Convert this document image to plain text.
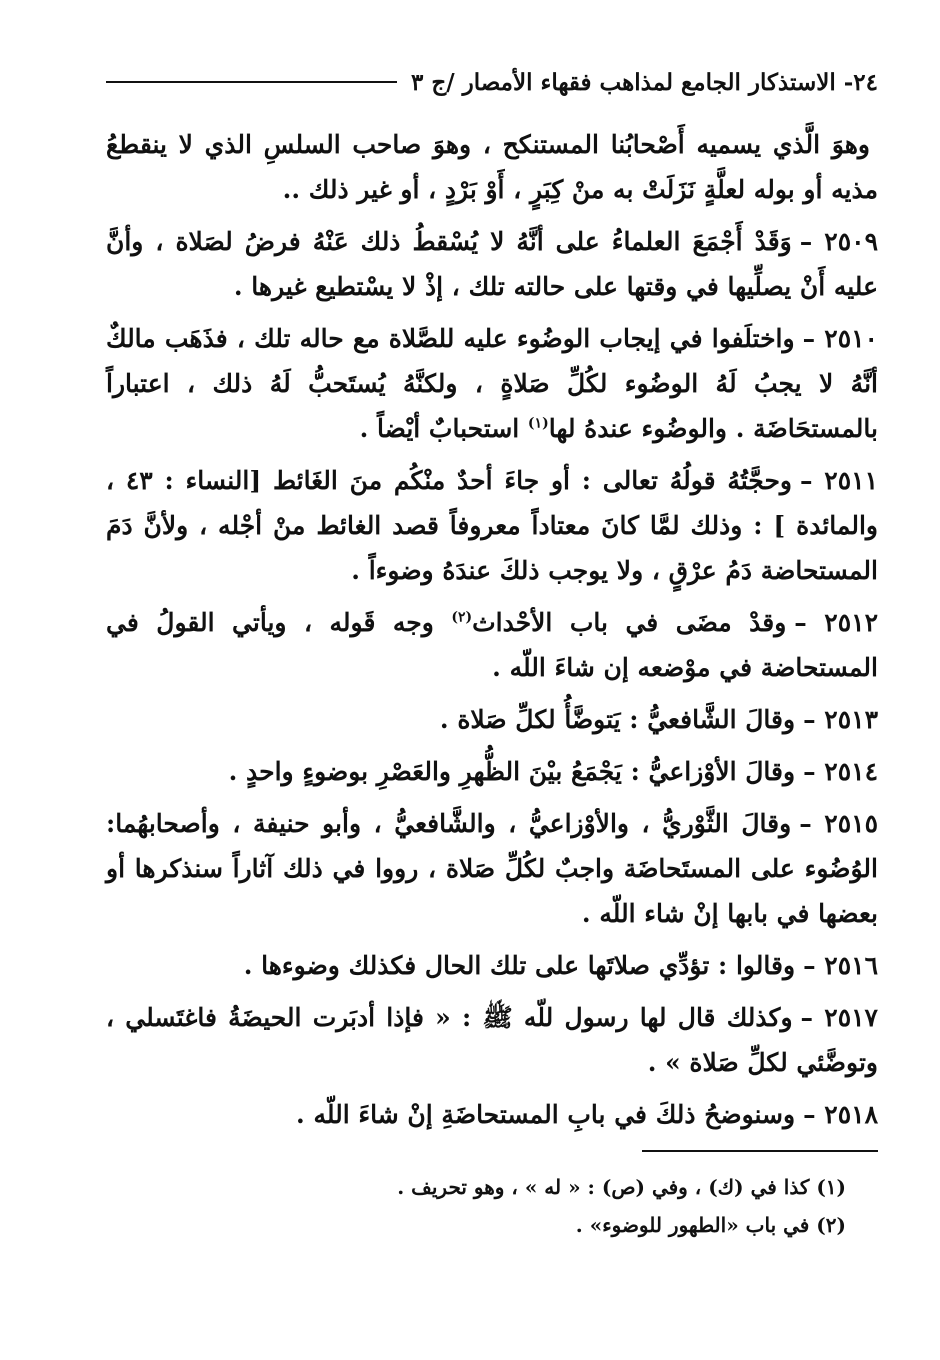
٢٤- الاستذكار الجامع لمذاهب فقهاء الأمصار /ج ٣

وهوَ الَّذي يسميه أَصْحابُنا المستنكح ، وهوَ صاحب السلسِ الذي لا ينقطعُ مذيه أو بوله لعلَّةٍ نَزَلَتْ به منْ كِبَرٍ ، أَوْ بَرْدٍ ، أو غير ذلك ..

٢٥٠٩ –وَقَدْ أَجْمَعَ العلماءُ على أنَّهُ لا يُسْقطُ ذلك عَنْهُ فرضُ لصَلاة ، وأنَّ عليه أَنْ يصلِّيها في وقتها على حالته تلك ، إذْ لا يسْتطيع غيرها .

٢٥١٠ –واختلَفوا في إيجاب الوضُوء عليه للصَّلاة مع حاله تلك ، فذَهَب مالكٌ أنَّهُ لا يجبُ لَهُ الوضُوء لكُلِّ صَلاةٍ ، ولكنَّهُ يُستَحبُّ لَهُ ذلك ، اعتباراً بالمستحَاضَة . والوضُوء عندهُ لها$^{(١)}$ استحبابٌ أيْضاً .

٢٥١١ –وحجَّتُهُ قولُهُ تعالى : أو جاءَ أحدٌ منْكُم منَ الغَائط [النساء : ٤٣ ، والمائدة ] : وذلك لمَّا كانَ معتاداً معروفاً قصد الغائط منْ أجْله ، ولأنَّ دَمَ المستحاضة دَمُ عرْقٍ ، ولا يوجب ذلكَ عندَهُ وضوءاً .

٢٥١٢ –وقدْ مضَى في باب الأحْداث$^{(٢)}$ وجه قَوله ، ويأتي القولُ في المستحاضة في موْضعه إن شاءَ اللّه .

٢٥١٣ –وقالَ الشَّافعيُّ : يَتوضَّأُ لكلِّ صَلاة .

٢٥١٤ –وقالَ الأوْزاعيُّ : يَجْمَعُ بيْنَ الظُّهرِ والعَصْرِ بوضوءٍ واحدٍ .

٢٥١٥ –وقالَ الثَّوْريُّ ، والأوْزاعيُّ ، والشَّافعيُّ ، وأبو حنيفة ، وأصحابهُما: الوُضُوء على المستَحاضَة واجبٌ لكُلِّ صَلاة ، رووا في ذلك آثاراً سنذكرها أو بعضها في بابها إنْ شاء اللّه .

٢٥١٦ –وقالوا : تؤدِّي صلاتَها على تلك الحال فكذلك وضوءها .

٢٥١٧ –وكذلك قال لها رسول للّه ﷺ : « فإذا أدبَرت الحيضَةُ فاغتَسلي ، وتوضَّئي لكلِّ صَلاة » .

٢٥١٨ –وسنوضحُ ذلكَ في بابِ المستحاضَةِ إنْ شاءَ اللّه .

(١) كذا في (ك) ، وفي (ص) : « له » ، وهو تحريف .

(٢) في باب «الطهور للوضوء» .
